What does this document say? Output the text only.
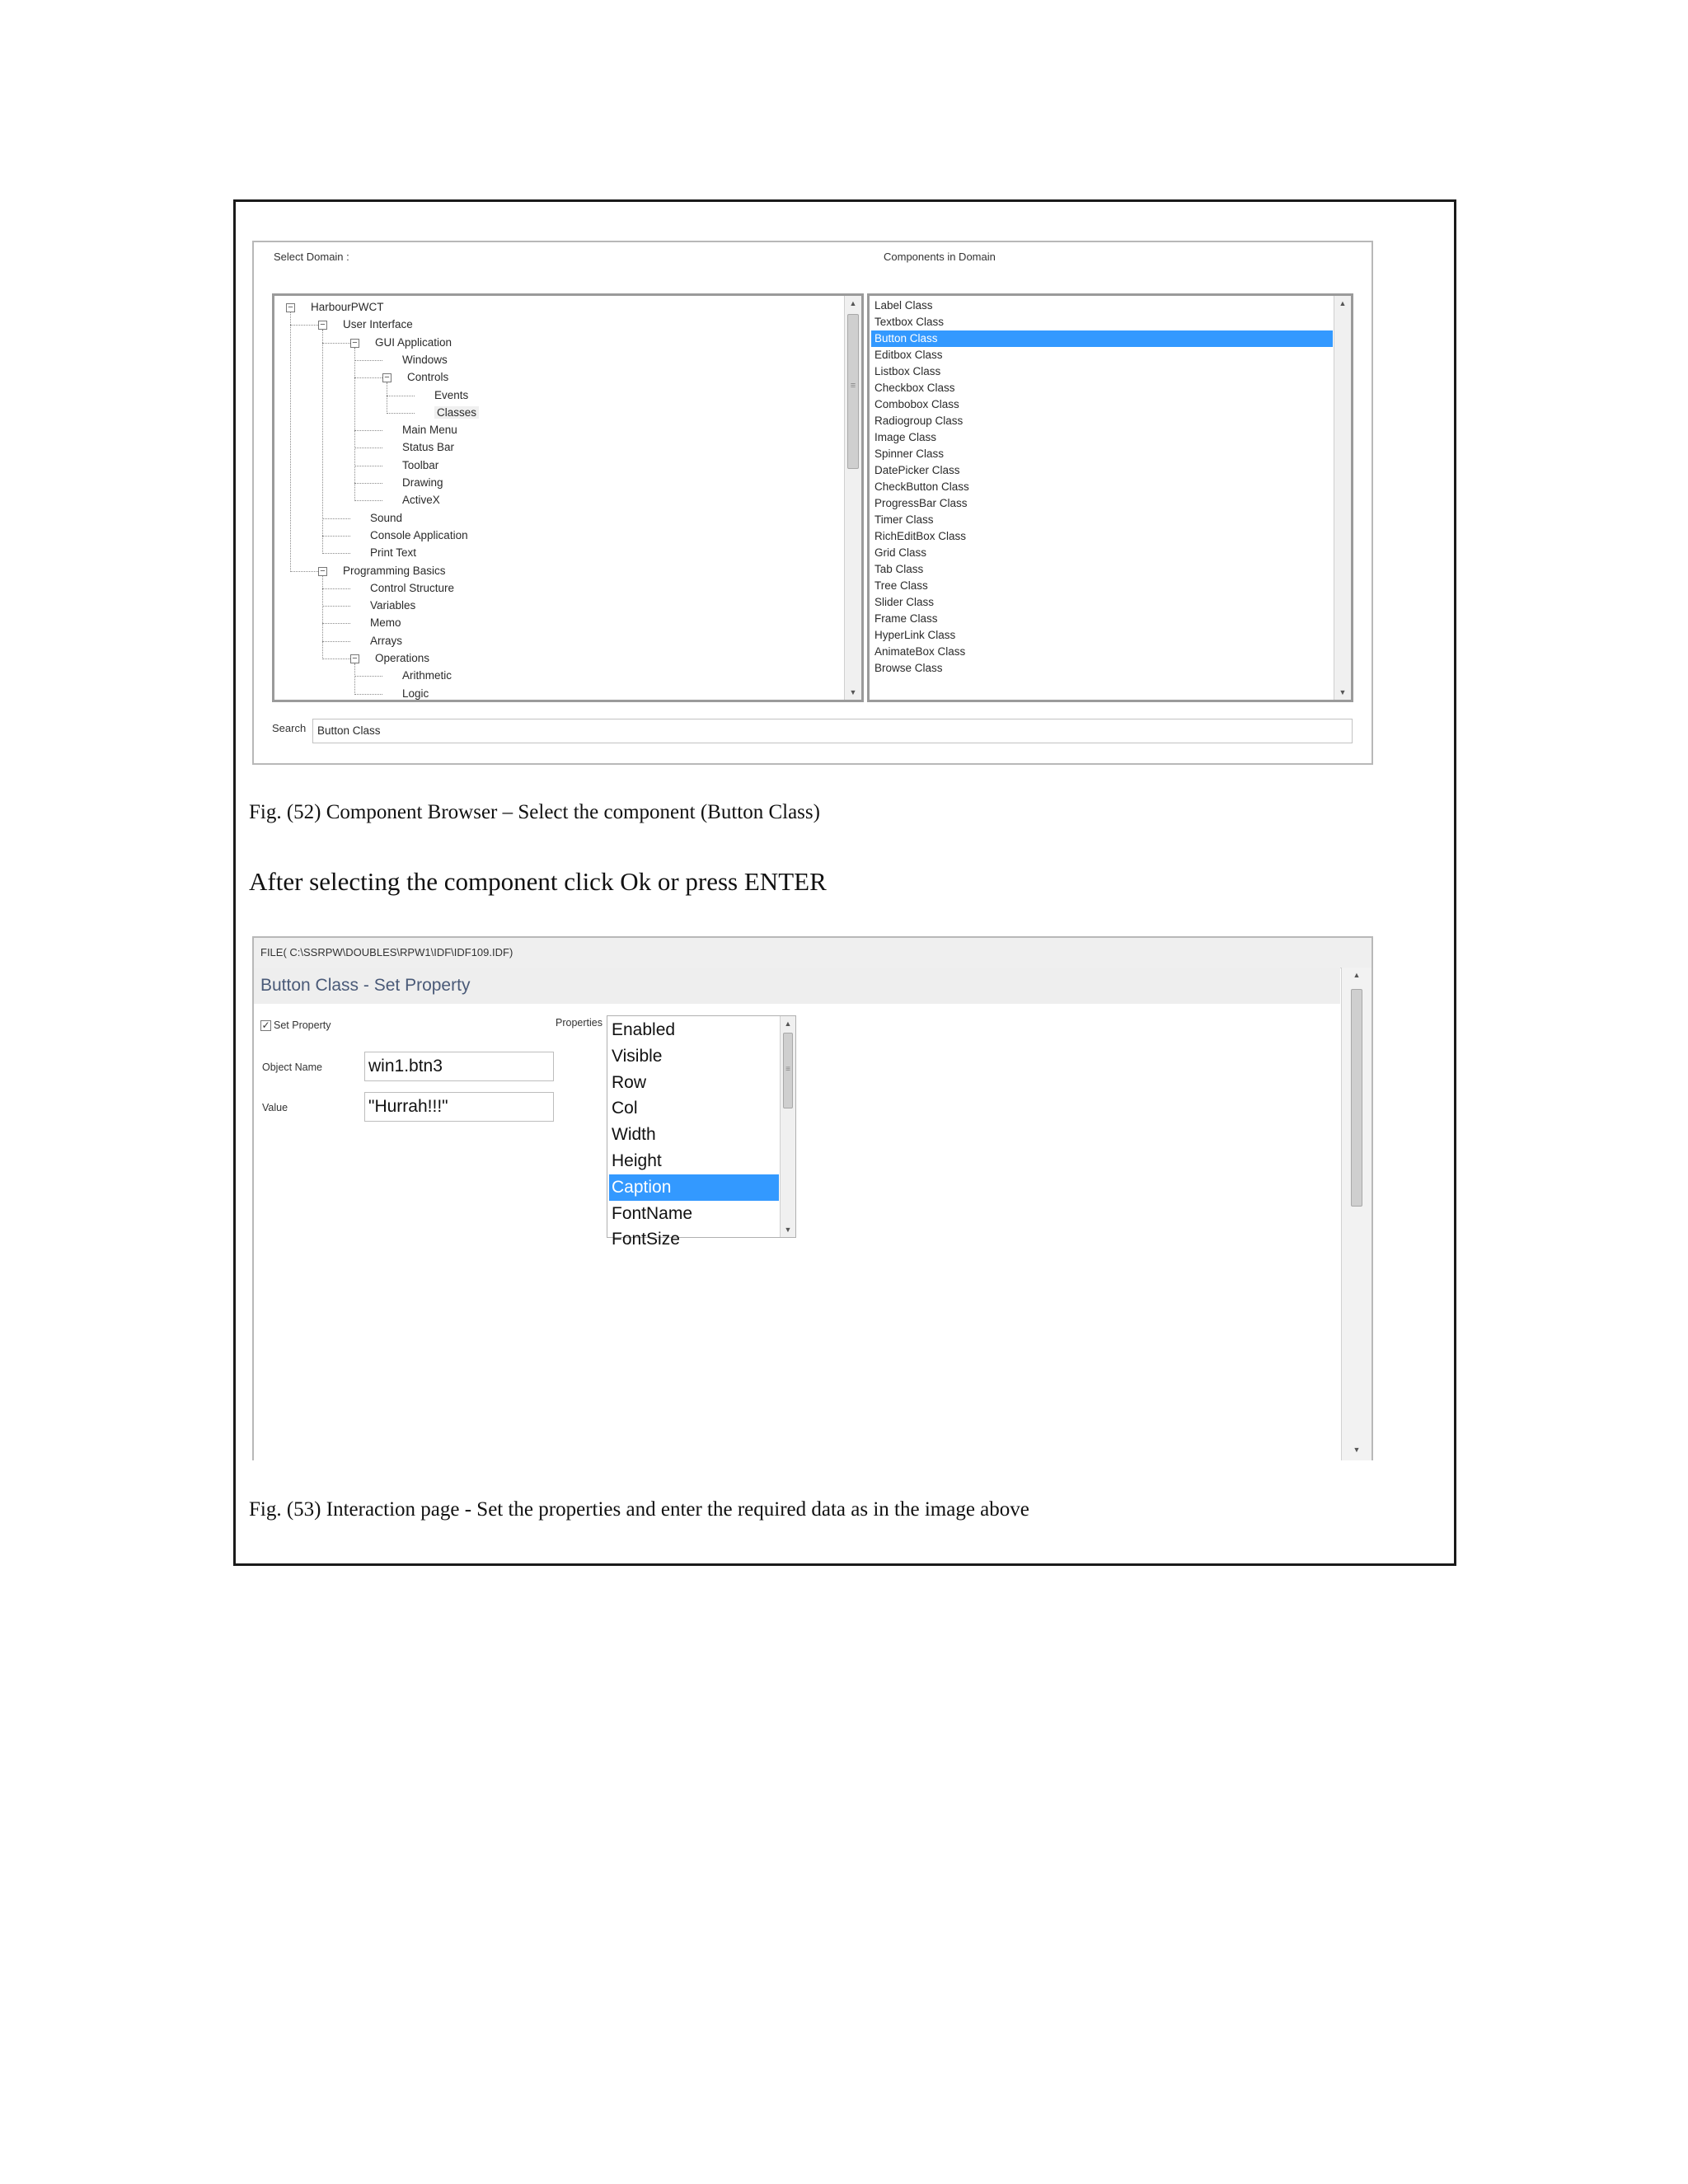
Select Domain :	Components in Domain
− HarbourPWCT
− User Interface
− GUI Application
Windows
− Controls
Events
Classes
Main Menu
Status Bar
Toolbar
Drawing
ActiveX
Sound
Console Application
Print Text
− Programming Basics
Control Structure
Variables
Memo
Arrays
− Operations
Arithmetic
Logic
▲
≡
▼
Label Class
Textbox Class
Button Class
Editbox Class
Listbox Class
Checkbox Class
Combobox Class
Radiogroup Class
Image Class
Spinner Class
DatePicker Class
CheckButton Class
ProgressBar Class
Timer Class
RichEditBox Class
Grid Class
Tab Class
Tree Class
Slider Class
Frame Class
HyperLink Class
AnimateBox Class
Browse Class
▲
▼
Search	Button Class
Fig. (52) Component Browser – Select the component (Button Class)
After selecting the component click Ok or press ENTER
FILE( C:\SSRPW\DOUBLES\RPW1\IDF\IDF109.IDF)
Button Class - Set Property
▲
▼
✓ Set Property	Properties
Object Name	win1.btn3
Value	"Hurrah!!!"
Enabled
Visible
Row
Col
Width
Height
Caption
FontName
FontSize
▲
≡
▼
Fig. (53) Interaction page - Set the properties and enter the required data as in the image above
